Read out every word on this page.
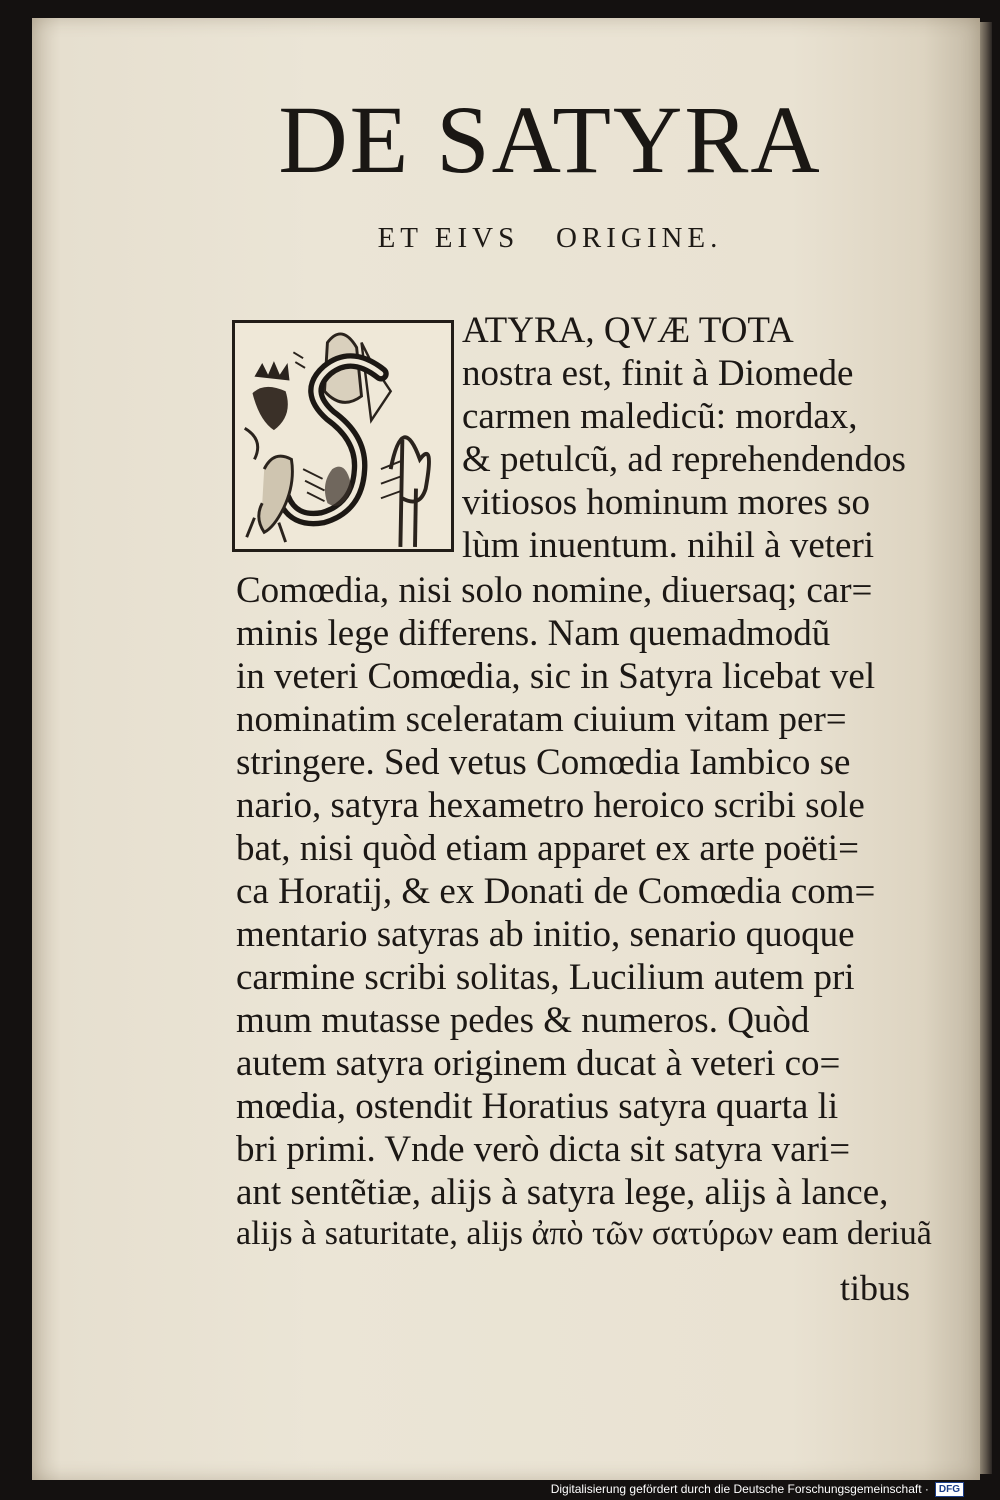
DE SATYRA
ET EIVS   ORIGINE.
ATYRA, QVÆ TOTA
nostra est, finit à Diomede
carmen maledicũ: mordax,
& petulcũ, ad reprehendendos
vitiosos hominum mores so
lùm inuentum. nihil à veteri
Comœdia, nisi solo nomine, diuersaq; car=
minis lege differens. Nam quemadmodũ
in veteri Comœdia, sic in Satyra licebat vel
nominatim sceleratam ciuium vitam per=
stringere. Sed vetus Comœdia Iambico se
nario, satyra hexametro heroico scribi sole
bat, nisi quòd etiam apparet ex arte poëti=
ca Horatij, & ex Donati de Comœdia com=
mentario satyras ab initio, senario quoque
carmine scribi solitas, Lucilium autem pri
mum mutasse pedes & numeros. Quòd
autem satyra originem ducat à veteri co=
mœdia, ostendit Horatius satyra quarta li
bri primi. Vnde verò dicta sit satyra vari=
ant sentẽtiæ, alijs à satyra lege, alijs à lance,
alijs à saturitate, alijs ἀπὸ τῶν σατύρων eam deriuã
tibus
Digitalisierung gefördert durch die Deutsche Forschungsgemeinschaft ·	DFG
